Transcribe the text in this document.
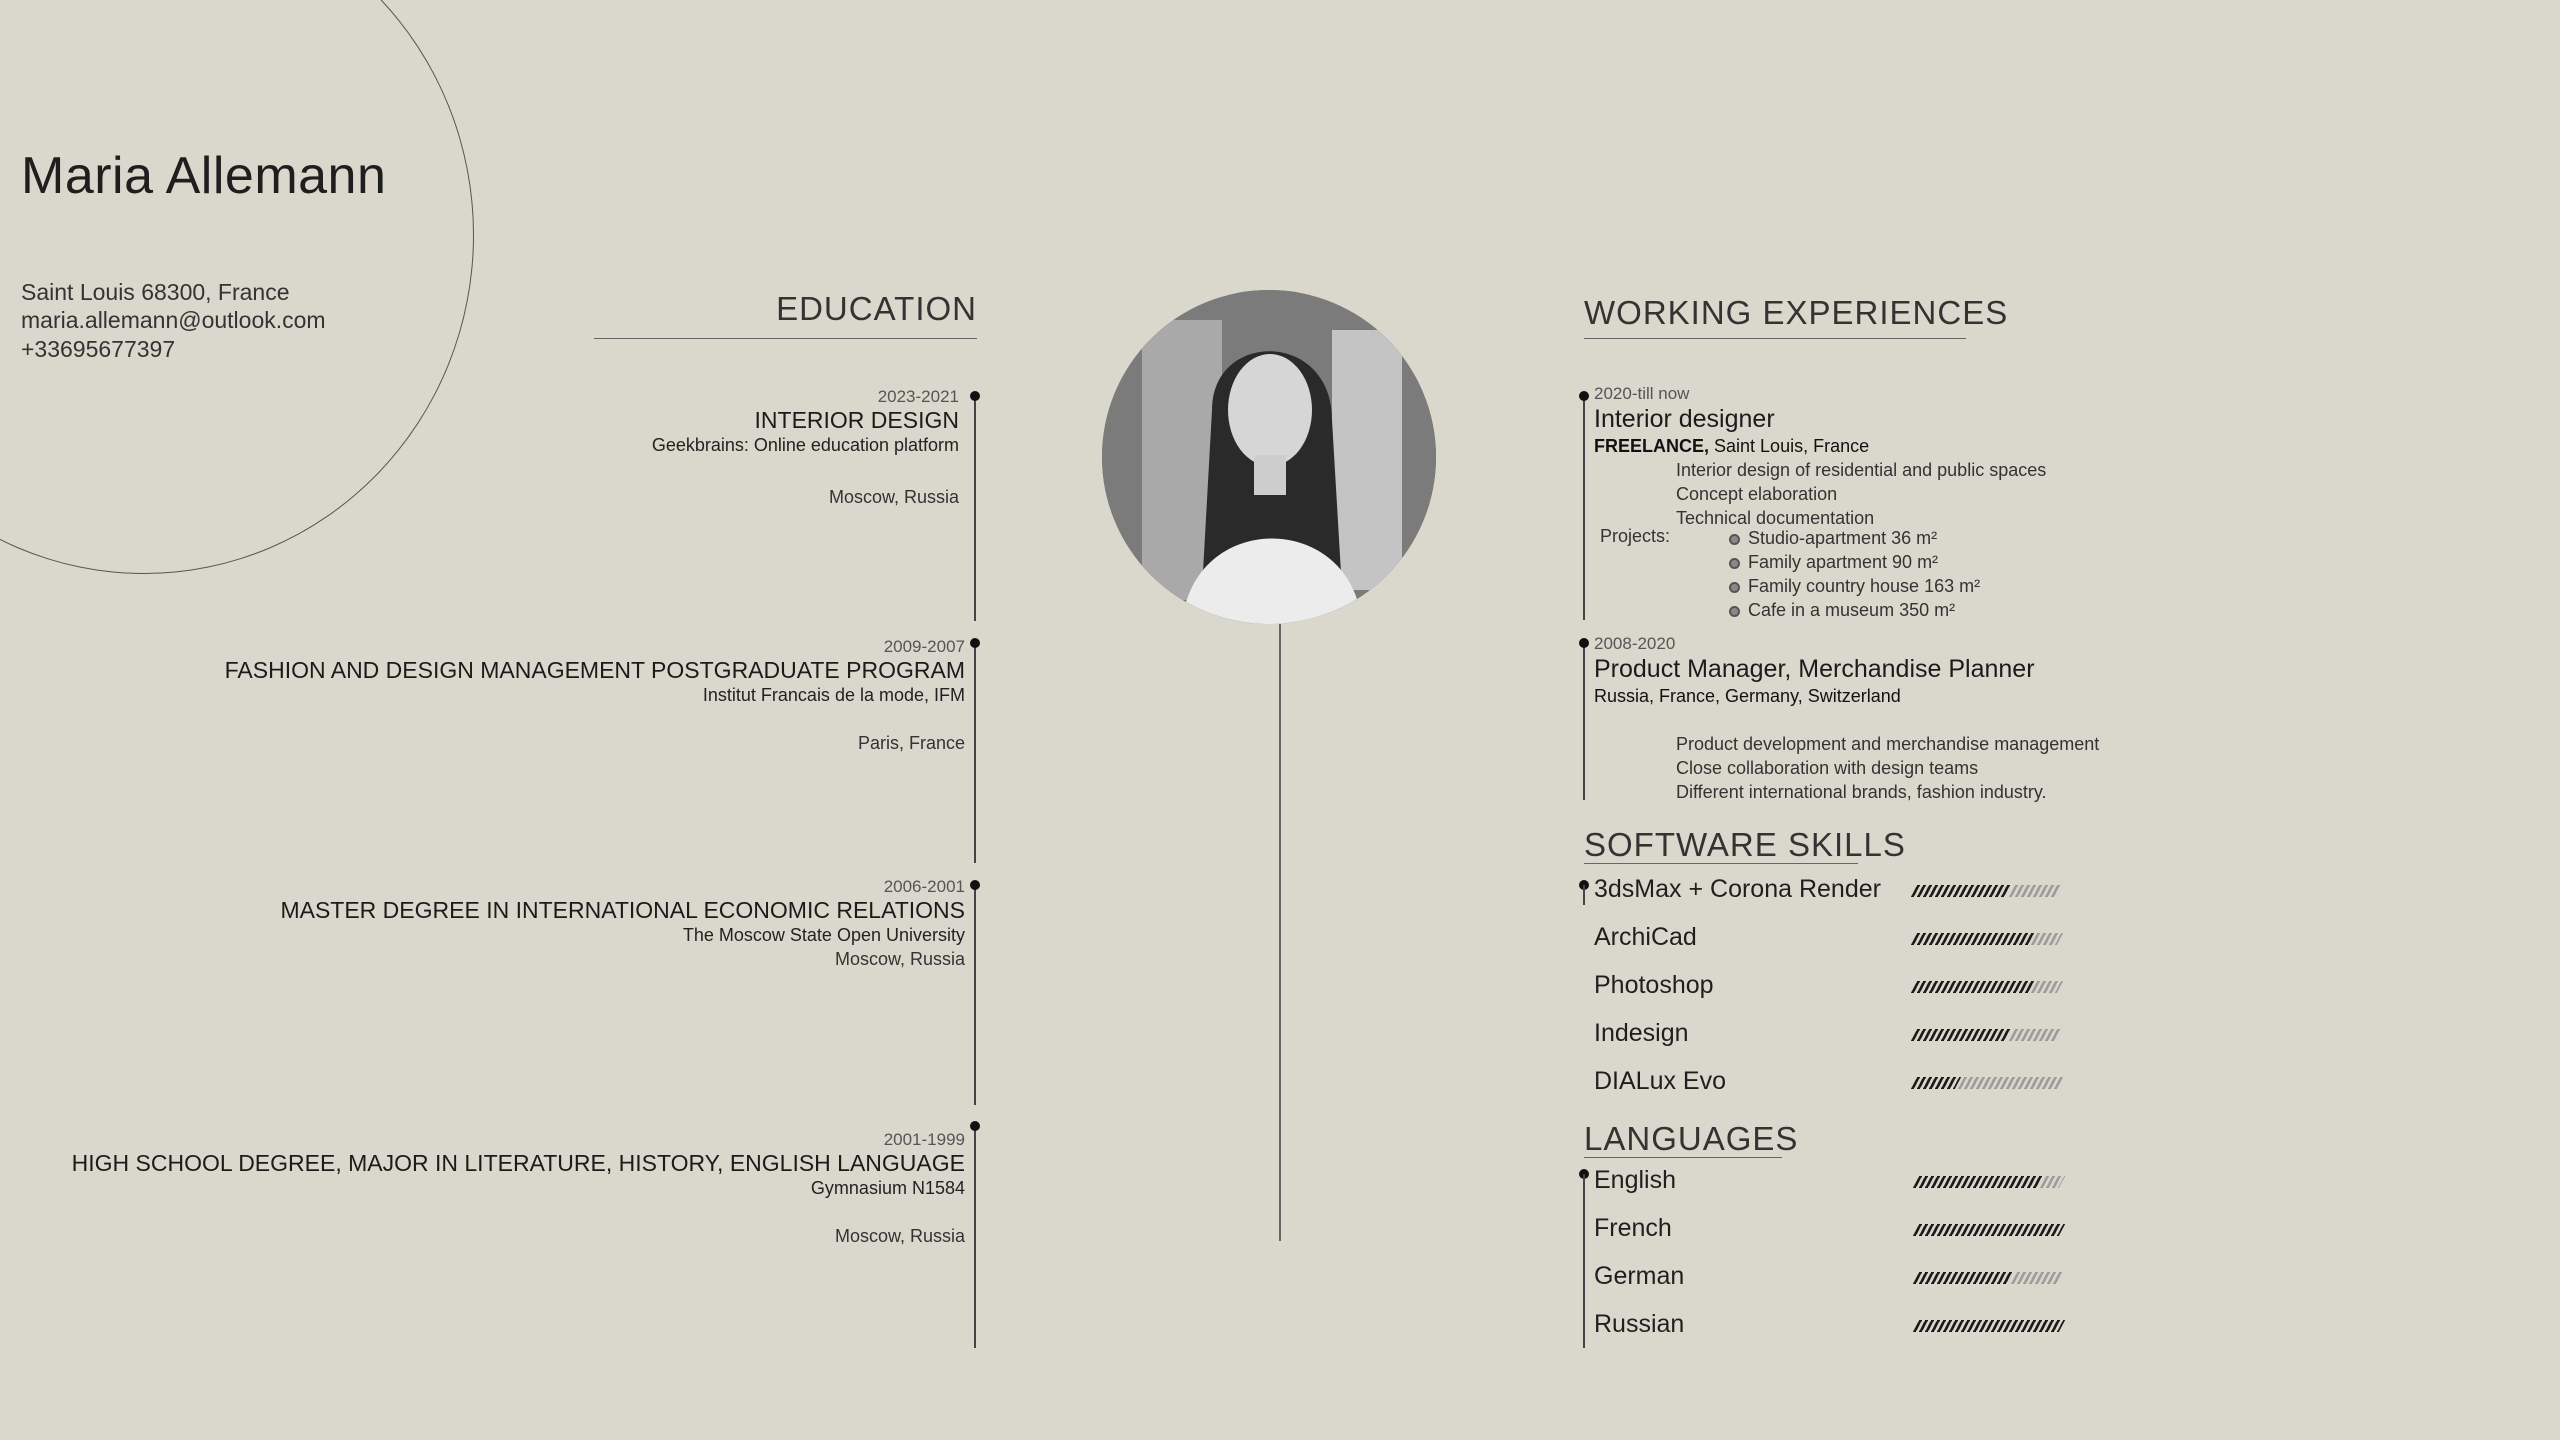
Maria Allemann
Saint Louis 68300, France
maria.allemann@outlook.com
+33695677397
EDUCATION
2023-2021
INTERIOR DESIGN
Geekbrains: Online education platform
Moscow, Russia
2009-2007
FASHION AND DESIGN MANAGEMENT POSTGRADUATE PROGRAM
Institut Francais de la mode, IFM
Paris, France
2006-2001
MASTER DEGREE IN INTERNATIONAL ECONOMIC RELATIONS
The Moscow State Open University
Moscow, Russia
2001-1999
HIGH SCHOOL DEGREE, MAJOR IN LITERATURE, HISTORY, ENGLISH LANGUAGE
Gymnasium N1584
Moscow, Russia
WORKING EXPERIENCES
2020-till now
Interior designer
FREELANCE, Saint Louis, France
Interior design of residential and public spaces
Concept elaboration
Technical documentation
Projects:	Studio-apartment 36 m²
Family apartment 90 m²
Family country house 163 m²
Cafe in a museum 350 m²
2008-2020
Product Manager, Merchandise Planner
Russia, France, Germany, Switzerland
Product development and merchandise management
Close collaboration with design teams
Different international brands, fashion industry.
SOFTWARE SKILLS
3dsMax + Corona Render
ArchiCad
Photoshop
Indesign
DIALux Evo
LANGUAGES
English
French
German
Russian
